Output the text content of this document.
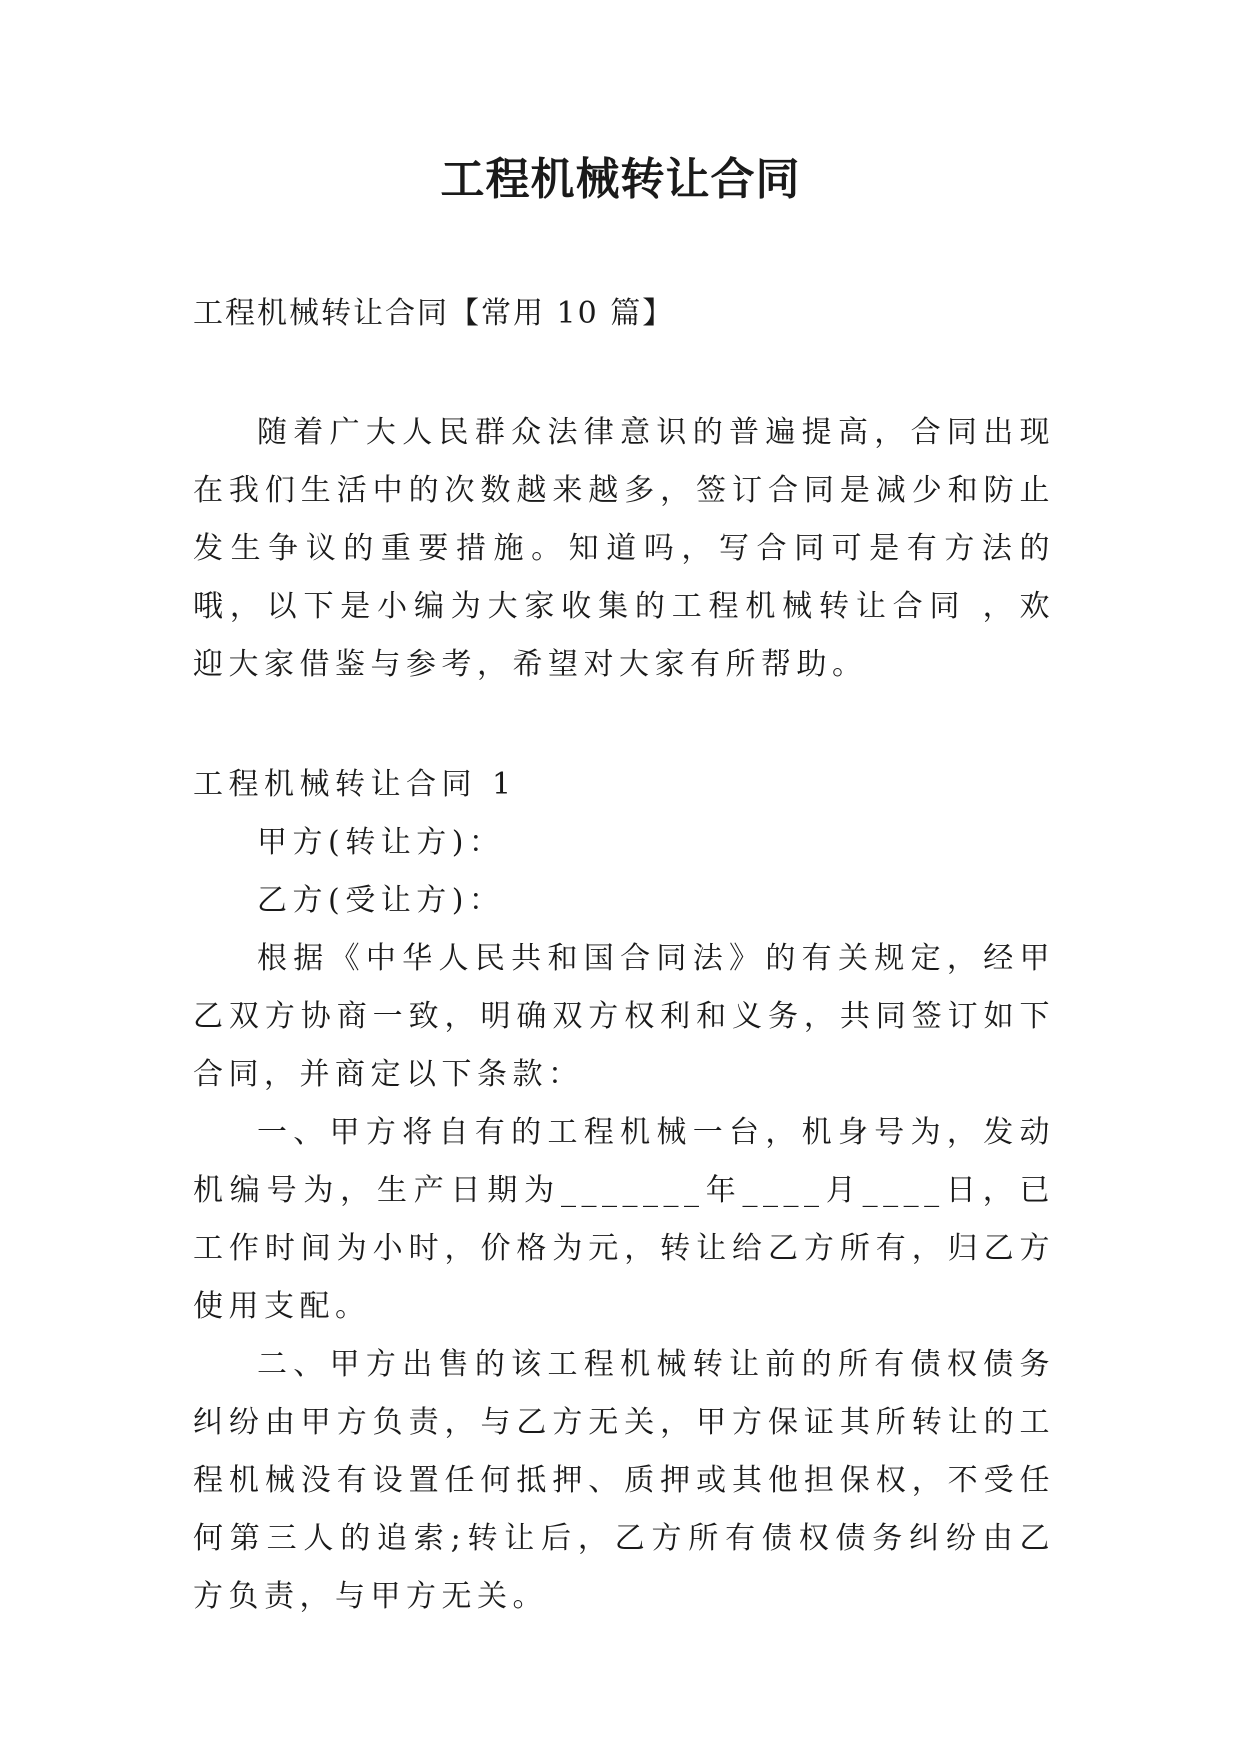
工程机械转让合同
工程机械转让合同【常用 10 篇】

随着广大人民群众法律意识的普遍提高，合同出现在我们生活中的次数越来越多，签订合同是减少和防止发生争议的重要措施。知道吗，写合同可是有方法的哦，以下是小编为大家收集的工程机械转让合同 ，欢迎大家借鉴与参考，希望对大家有所帮助。

工程机械转让合同 1

甲方(转让方)：

乙方(受让方)：

根据《中华人民共和国合同法》的有关规定，经甲乙双方协商一致，明确双方权利和义务，共同签订如下合同，并商定以下条款：

一、甲方将自有的工程机械一台，机身号为，发动机编号为，生产日期为_______年____月____日，已工作时间为小时，价格为元，转让给乙方所有，归乙方使用支配。

二、甲方出售的该工程机械转让前的所有债权债务纠纷由甲方负责，与乙方无关，甲方保证其所转让的工程机械没有设置任何抵押、质押或其他担保权，不受任何第三人的追索;转让后，乙方所有债权债务纠纷由乙方负责，与甲方无关。
